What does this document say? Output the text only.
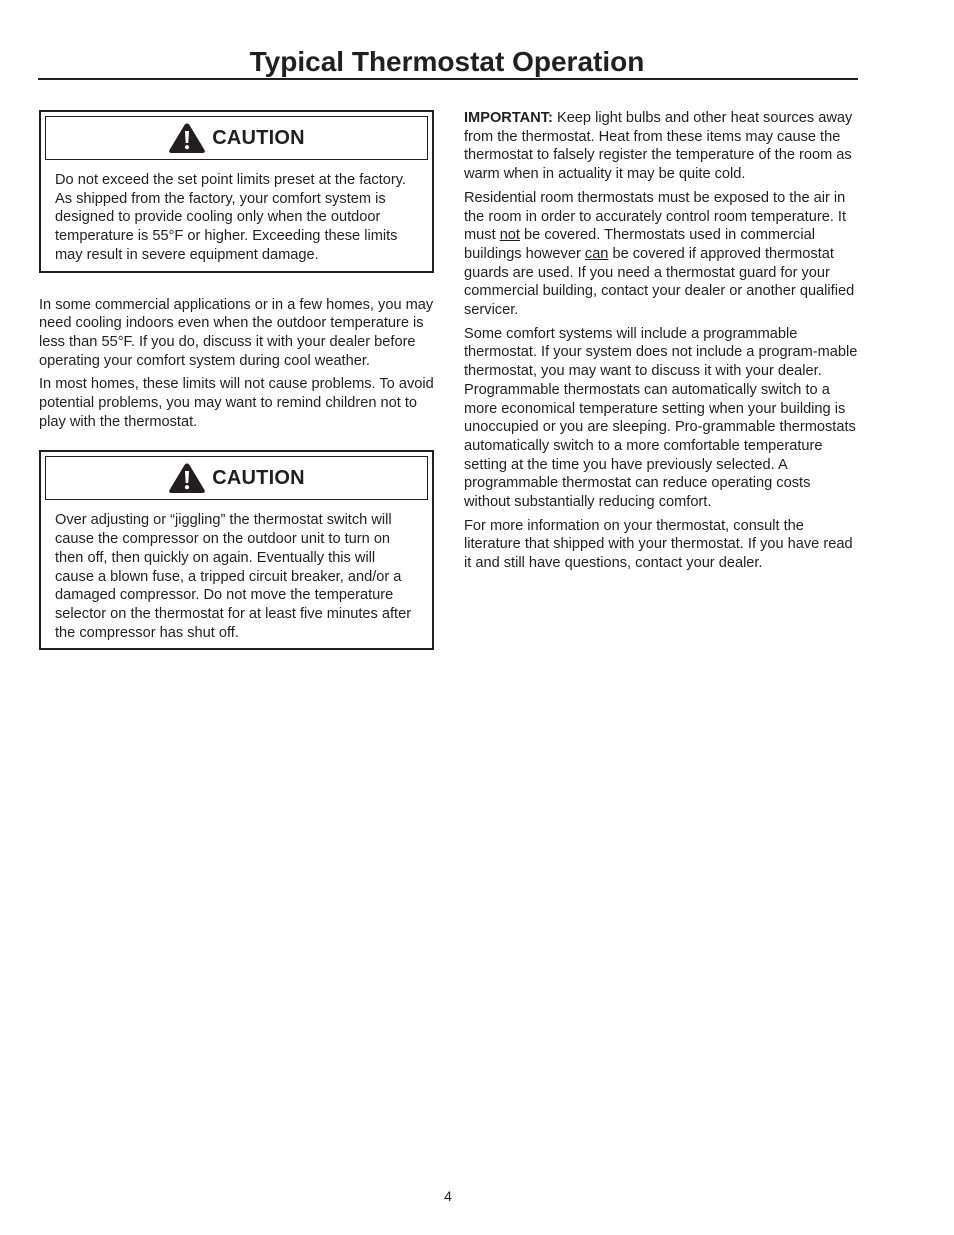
Typical Thermostat Operation
CAUTION

Do not exceed the set point limits preset at the factory. As shipped from the factory, your comfort system is designed to provide cooling only when the outdoor temperature is 55°F or higher. Exceeding these limits may result in severe equipment damage.

In some commercial applications or in a few homes, you may need cooling indoors even when the outdoor temperature is less than 55°F. If you do, discuss it with your dealer before operating your comfort system during cool weather.

In most homes, these limits will not cause problems. To avoid potential problems, you may want to remind children not to play with the thermostat.

CAUTION

Over adjusting or “jiggling” the thermostat switch will cause the compressor on the outdoor unit to turn on then off, then quickly on again. Eventually this will cause a blown fuse, a tripped circuit breaker, and/or a damaged compressor. Do not move the temperature selector on the thermostat for at least five minutes after the compressor has shut off.

IMPORTANT: Keep light bulbs and other heat sources away from the thermostat. Heat from these items may cause the thermostat to falsely register the temperature of the room as warm when in actuality it may be quite cold.

Residential room thermostats must be exposed to the air in the room in order to accurately control room temperature. It must not be covered. Thermostats used in commercial buildings however can be covered if approved thermostat guards are used. If you need a thermostat guard for your commercial building, contact your dealer or another qualified servicer.

Some comfort systems will include a programmable thermostat. If your system does not include a program-mable thermostat, you may want to discuss it with your dealer. Programmable thermostats can automatically switch to a more economical temperature setting when your building is unoccupied or you are sleeping. Pro-grammable thermostats automatically switch to a more comfortable temperature setting at the time you have previously selected. A programmable thermostat can reduce operating costs without substantially reducing comfort.

For more information on your thermostat, consult the literature that shipped with your thermostat. If you have read it and still have questions, contact your dealer.

4
